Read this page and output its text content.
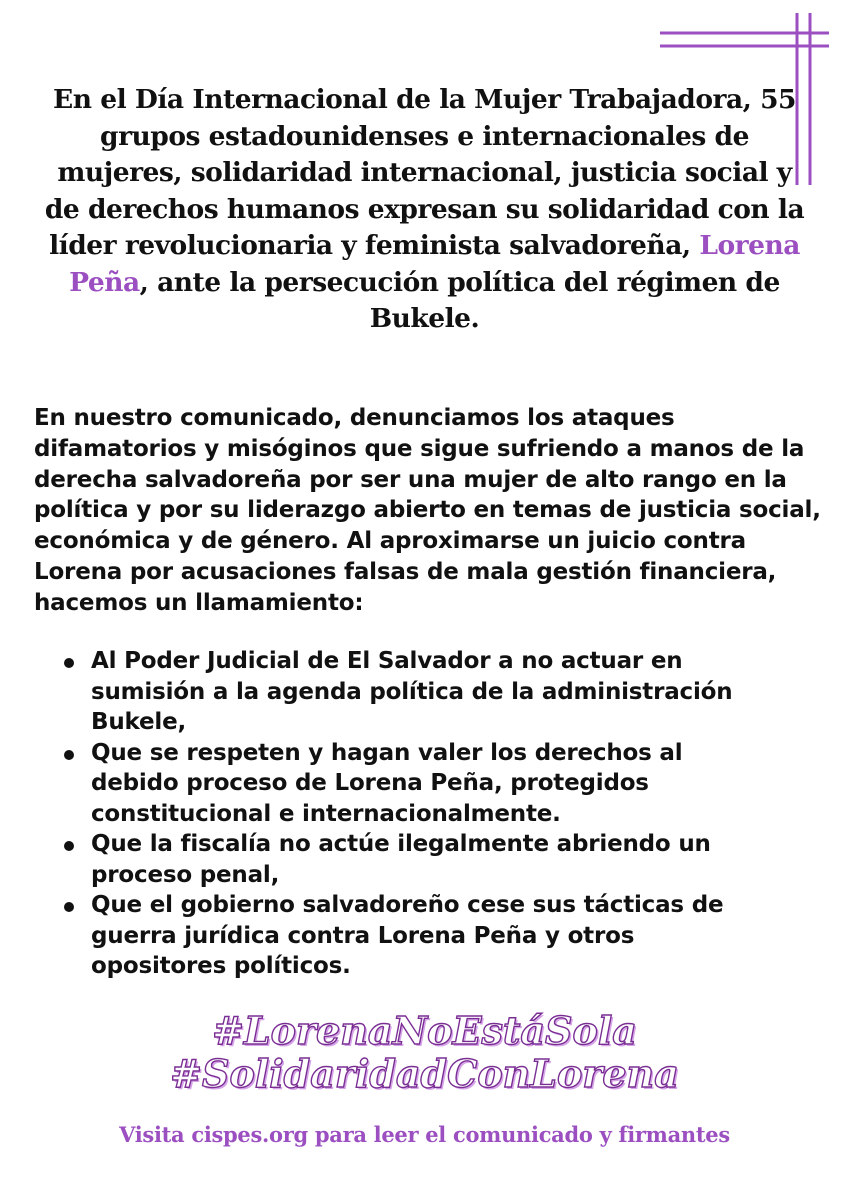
En el Día Internacional de la Mujer Trabajadora, 55 grupos estadounidenses e internacionales de mujeres, solidaridad internacional, justicia social y de derechos humanos expresan su solidaridad con la líder revolucionaria y feminista salvadoreña, Lorena Peña, ante la persecución política del régimen de Bukele.

En nuestro comunicado, denunciamos los ataques difamatorios y misóginos que sigue sufriendo a manos de la derecha salvadoreña por ser una mujer de alto rango en la política y por su liderazgo abierto en temas de justicia social, económica y de género. Al aproximarse un juicio contra Lorena por acusaciones falsas de mala gestión financiera, hacemos un llamamiento:

Al Poder Judicial de El Salvador a no actuar en sumisión a la agenda política de la administración Bukele,
Que se respeten y hagan valer los derechos al debido proceso de Lorena Peña, protegidos constitucional e internacionalmente.
Que la fiscalía no actúe ilegalmente abriendo un proceso penal,
Que el gobierno salvadoreño cese sus tácticas de guerra jurídica contra Lorena Peña y otros opositores políticos.
#LorenaNoEstáSola
#SolidaridadConLorena
Visita cispes.org para leer el comunicado y firmantes
